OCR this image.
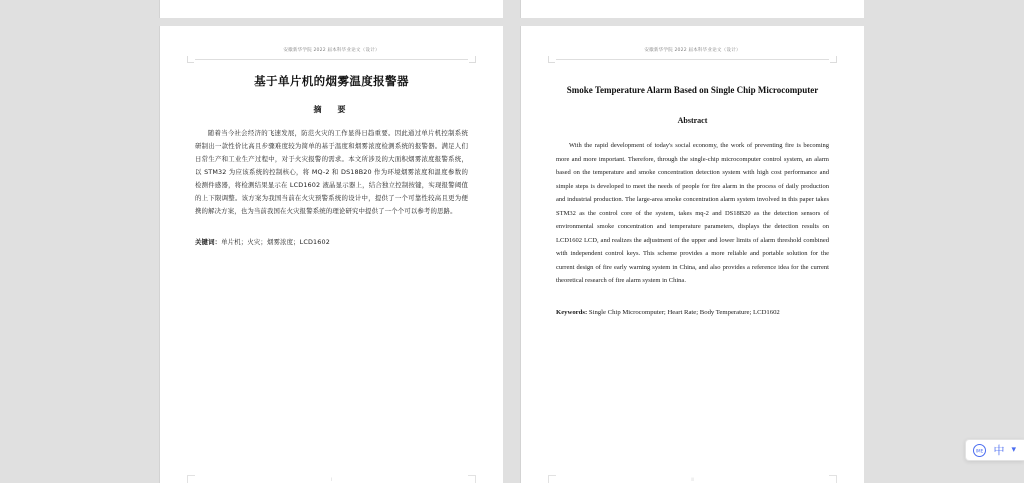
安徽新华学院 2022 届本科毕业论文（设计）
基于单片机的烟雾温度报警器
摘　要

随着当今社会经济的飞速发展，防范火灾的工作显得日趋重要。因此通过单片机控制系统研制出一款性价比高且步骤难度较为简单的基于温度和烟雾浓度检测系统的报警器。满足人们日常生产和工业生产过程中，对于火灾报警的需求。本文所涉及的大面积烟雾浓度报警系统，以 STM32 为应该系统的控制核心，将 MQ-2 和 DS18B20 作为环境烟雾浓度和温度参数的检测件感器，将检测结果显示在 LCD1602 液晶显示器上，结合独立控制按键，实现报警阈值的上下限调整。该方案为我国当前在火灾预警系统的设计中，提供了一个可靠性较高且更为便携的解决方案，也为当前我国在火灾报警系统的理论研究中提供了一个个可以参考的思路。

关键词：单片机；火灾；烟雾浓度；LCD1602

I
安徽新华学院 2022 届本科毕业论文（设计）
Smoke Temperature Alarm Based on Single Chip Microcomputer
Abstract

With the rapid development of today's social economy, the work of preventing fire is becoming more and more important. Therefore, through the single-chip microcomputer control system, an alarm based on the temperature and smoke concentration detection system with high cost performance and simple steps is developed to meet the needs of people for fire alarm in the process of daily production and industrial production. The large-area smoke concentration alarm system involved in this paper takes STM32 as the control core of the system, takes mq-2 and DS18B20 as the detection sensors of environmental smoke concentration and temperature parameters, displays the detection results on LCD1602 LCD, and realizes the adjustment of the upper and lower limits of alarm threshold combined with independent control keys. This scheme provides a more reliable and portable solution for the current design of fire early warning system in China, and also provides a reference idea for the current theoretical research of fire alarm system in China.

Keywords: Single Chip Microcomputer; Heart Rate; Body Temperature; LCD1602

II
IME 中 ▾
